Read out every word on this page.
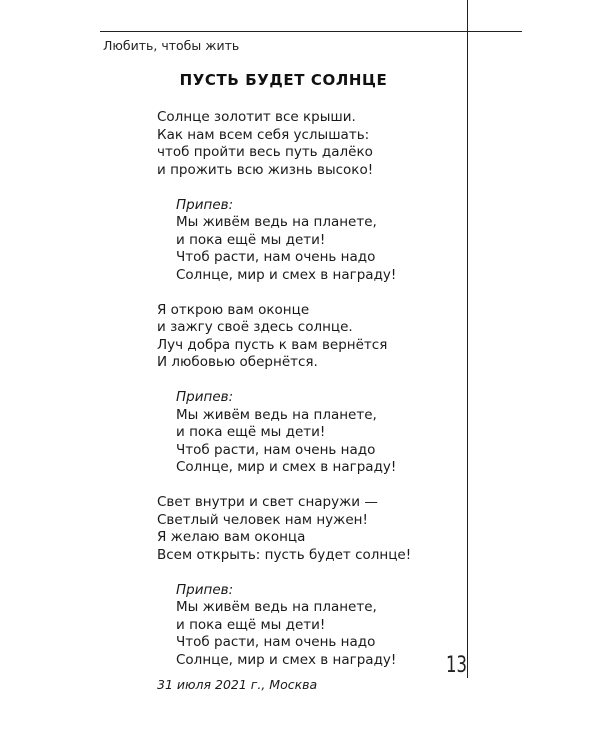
Любить, чтобы жить
ПУСТЬ БУДЕТ СОЛНЦЕ
Солнце золотит все крыши.
Как нам всем себя услышать:
чтоб пройти весь путь далёко
и прожить всю жизнь высоко!
Припев:
Мы живём ведь на планете,
и пока ещё мы дети!
Чтоб расти, нам очень надо
Солнце, мир и смех в награду!
Я открою вам оконце
и зажгу своё здесь солнце.
Луч добра пусть к вам вернётся
И любовью обернётся.
Припев:
Мы живём ведь на планете,
и пока ещё мы дети!
Чтоб расти, нам очень надо
Солнце, мир и смех в награду!
Свет внутри и свет снаружи —
Светлый человек нам нужен!
Я желаю вам оконца
Всем открыть: пусть будет солнце!
Припев:
Мы живём ведь на планете,
и пока ещё мы дети!
Чтоб расти, нам очень надо
Солнце, мир и смех в награду!
31 июля 2021 г., Москва
13
